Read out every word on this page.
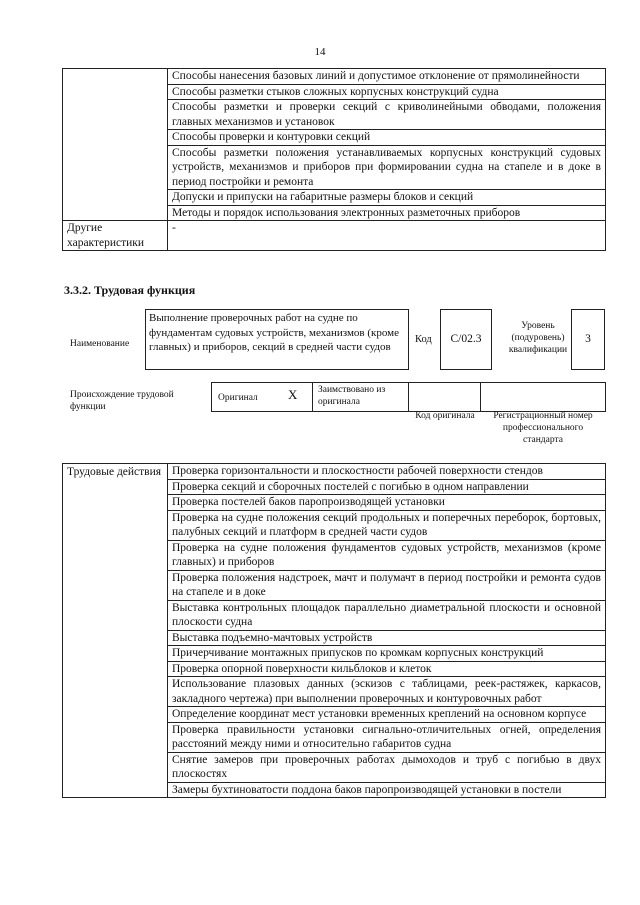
14
	Способы нанесения базовых линий и допустимое отклонение от прямолинейности
	Способы разметки стыков сложных корпусных конструкций судна
	Способы разметки и проверки секций с криволинейными обводами, положения главных механизмов и установок
	Способы проверки и контуровки секций
	Способы разметки положения устанавливаемых корпусных конструкций судовых устройств, механизмов и приборов при формировании судна на стапеле и в доке в период постройки и ремонта
	Допуски и припуски на габаритные размеры блоков и секций
	Методы и порядок использования электронных разметочных приборов
Другие характеристики	-
3.3.2. Трудовая функция
Наименование
Выполнение проверочных работ на судне по фундаментам судовых устройств, механизмов (кроме главных) и приборов, секций в средней части судов
Код	C/02.3
Уровень (подуровень) квалификации
3
Происхождение трудовой функции
Оригинал X Заимствовано из оригинала
Код оригинала	Регистрационный номер профессионального стандарта
Трудовые действия	Проверка горизонтальности и плоскостности рабочей поверхности стендов
Проверка секций и сборочных постелей с погибью в одном направлении
Проверка постелей баков паропроизводящей установки
Проверка на судне положения секций продольных и поперечных переборок, бортовых, палубных секций и платформ в средней части судов
Проверка на судне положения фундаментов судовых устройств, механизмов (кроме главных) и приборов
Проверка положения надстроек, мачт и полумачт в период постройки и ремонта судов на стапеле и в доке
Выставка контрольных площадок параллельно диаметральной плоскости и основной плоскости судна
Выставка подъемно-мачтовых устройств
Причерчивание монтажных припусков по кромкам корпусных конструкций
Проверка опорной поверхности кильблоков и клеток
Использование плазовых данных (эскизов с таблицами, реек-растяжек, каркасов, закладного чертежа) при выполнении проверочных и контуровочных работ
Определение координат мест установки временных креплений на основном корпусе
Проверка правильности установки сигнально-отличительных огней, определения расстояний между ними и относительно габаритов судна
Снятие замеров при проверочных работах дымоходов и труб с погибью в двух плоскостях
Замеры бухтиноватости поддона баков паропроизводящей установки в постели
